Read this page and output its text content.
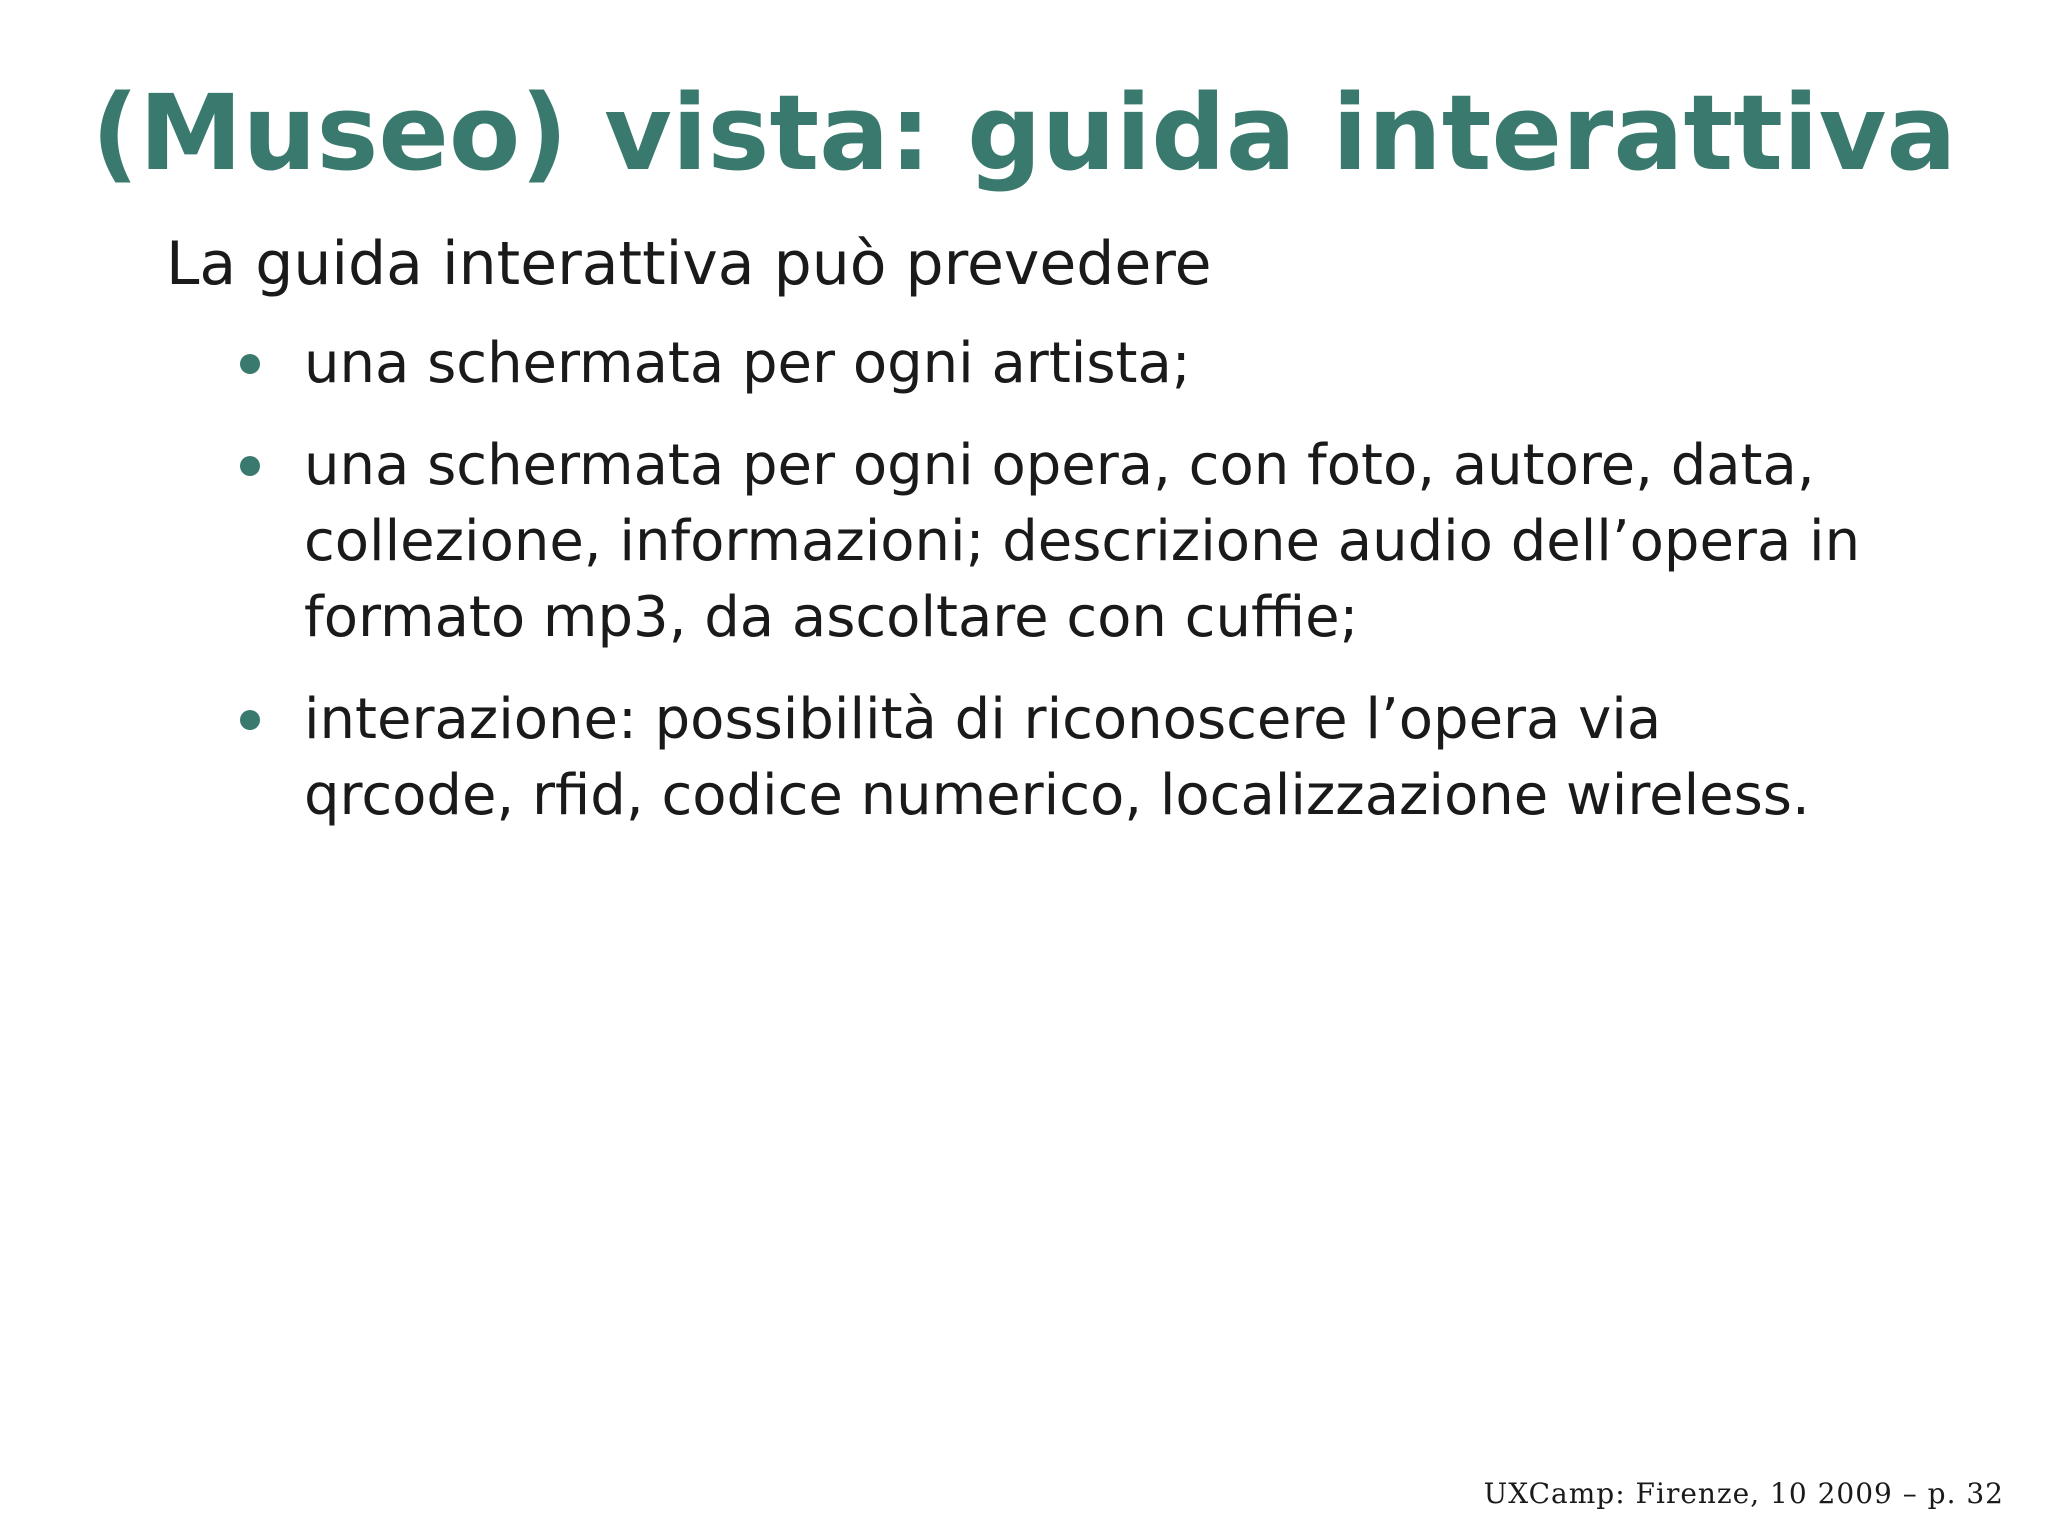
(Museo) vista: guida interattiva
La guida interattiva può prevedere
una schermata per ogni artista;
una schermata per ogni opera, con foto, autore, data, collezione, informazioni; descrizione audio dell’opera in formato mp3, da ascoltare con cuffie;
interazione: possibilità di riconoscere l’opera via qrcode, rfid, codice numerico, localizzazione wireless.
UXCamp: Firenze, 10 2009 – p. 32
